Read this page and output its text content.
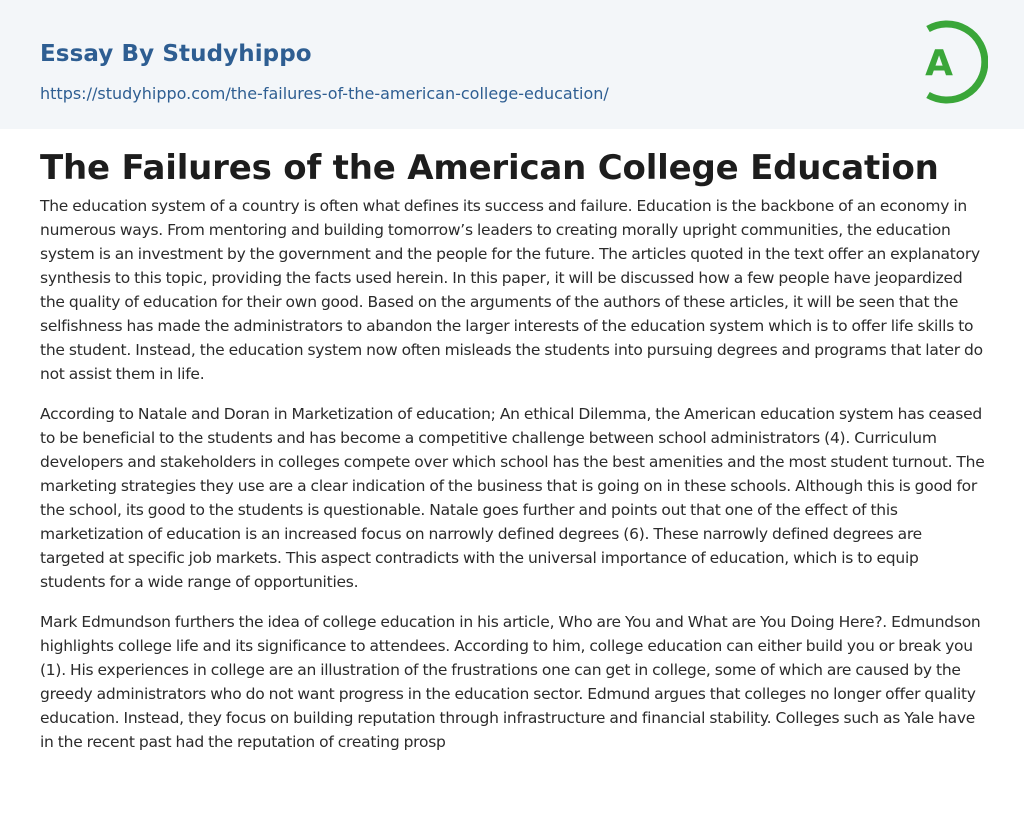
Essay By Studyhippo
https://studyhippo.com/the-failures-of-the-american-college-education/
A
The Failures of the American College Education

The education system of a country is often what defines its success and failure. Education is the backbone of an economy in numerous ways. From mentoring and building tomorrow’s leaders to creating morally upright communities, the education system is an investment by the government and the people for the future. The articles quoted in the text offer an explanatory synthesis to this topic, providing the facts used herein. In this paper, it will be discussed how a few people have jeopardized the quality of education for their own good. Based on the arguments of the authors of these articles, it will be seen that the selfishness has made the administrators to abandon the larger interests of the education system which is to offer life skills to the student. Instead, the education system now often misleads the students into pursuing degrees and programs that later do not assist them in life.

According to Natale and Doran in Marketization of education; An ethical Dilemma, the American education system has ceased to be beneficial to the students and has become a competitive challenge between school administrators (4). Curriculum developers and stakeholders in colleges compete over which school has the best amenities and the most student turnout. The marketing strategies they use are a clear indication of the business that is going on in these schools. Although this is good for the school, its good to the students is questionable. Natale goes further and points out that one of the effect of this marketization of education is an increased focus on narrowly defined degrees (6). These narrowly defined degrees are targeted at specific job markets. This aspect contradicts with the universal importance of education, which is to equip students for a wide range of opportunities.

Mark Edmundson furthers the idea of college education in his article, Who are You and What are You Doing Here?. Edmundson highlights college life and its significance to attendees. According to him, college education can either build you or break you (1). His experiences in college are an illustration of the frustrations one can get in college, some of which are caused by the greedy administrators who do not want progress in the education sector. Edmund argues that colleges no longer offer quality education. Instead, they focus on building reputation through infrastructure and financial stability. Colleges such as Yale have in the recent past had the reputation of creating prosp
